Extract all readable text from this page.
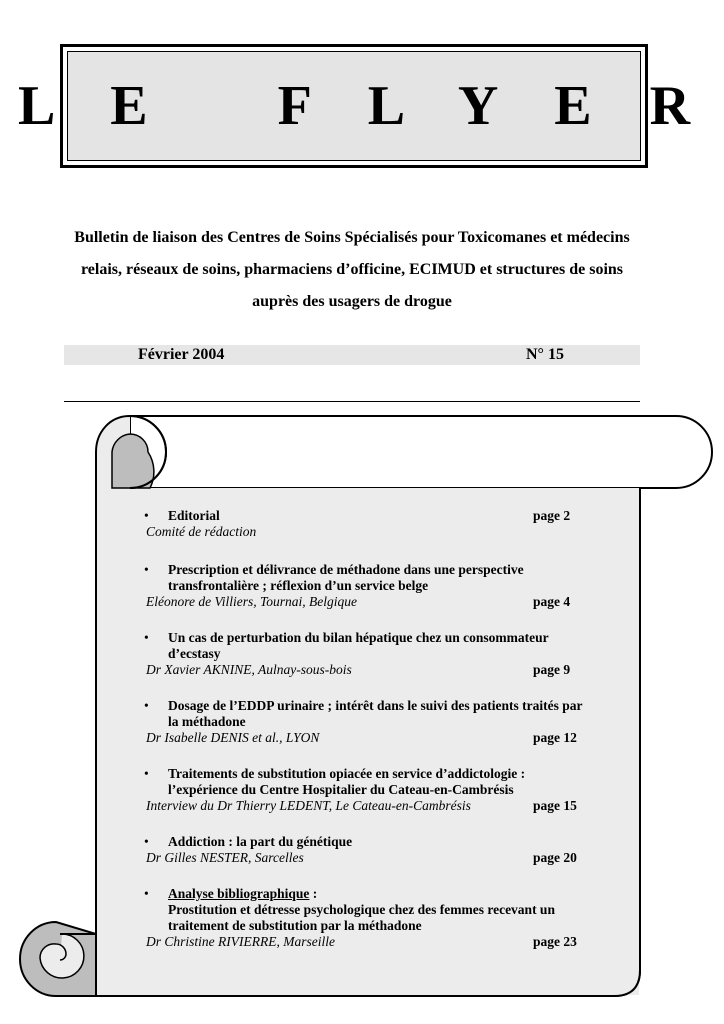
L E   F L Y E R
Bulletin de liaison des Centres de Soins Spécialisés pour Toxicomanes et médecins relais, réseaux de soins, pharmaciens d’officine, ECIMUD et structures de soins auprès des usagers de drogue
Février 2004	N° 15
•	Editorial	page 2
Comité de rédaction
•	Prescription et délivrance de méthadone dans une perspective transfrontalière ; réflexion d’un service belge
Eléonore de Villiers, Tournai, Belgique	page 4
•	Un cas de perturbation du bilan hépatique chez un consommateur d’ecstasy
Dr Xavier AKNINE, Aulnay-sous-bois	page 9
•	Dosage de l’EDDP urinaire ; intérêt dans le suivi des patients traités par la méthadone
Dr Isabelle DENIS et al., LYON	page 12
•	Traitements de substitution opiacée en service d’addictologie : l’expérience du Centre Hospitalier du Cateau-en-Cambrésis
Interview du Dr Thierry LEDENT, Le Cateau-en-Cambrésis	page 15
•	Addiction : la part du génétique
Dr Gilles NESTER, Sarcelles	page 20
•	Analyse bibliographique :
Prostitution et détresse psychologique chez des femmes recevant un traitement de substitution par la méthadone
Dr Christine RIVIERRE, Marseille	page 23
